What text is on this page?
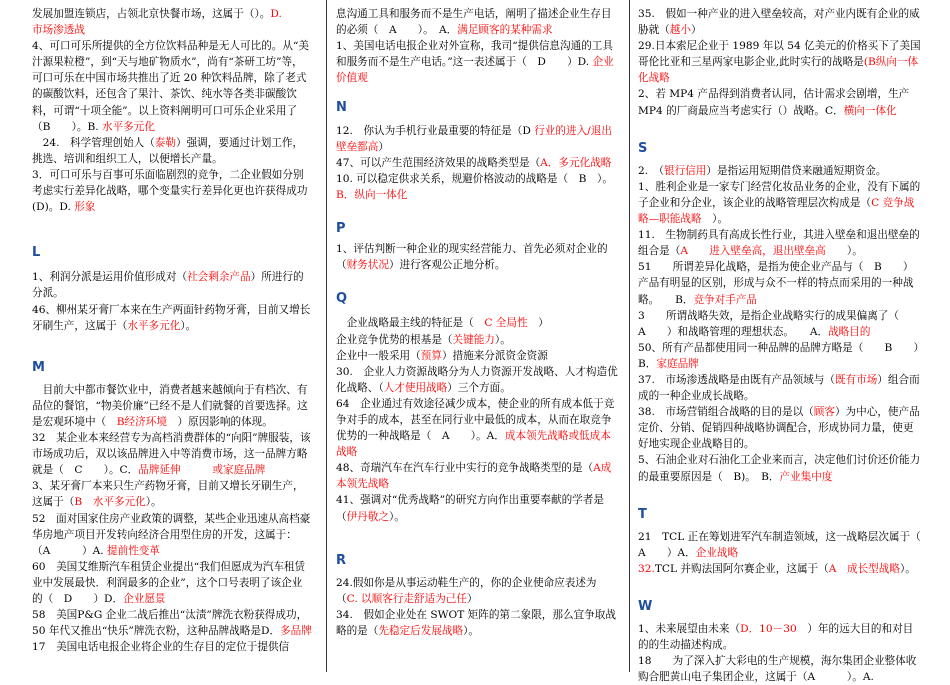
发展加盟连锁店，占领北京快餐市场，这属于（）。D.
市场渗透战
4、可口可乐所提供的全方位饮料品种是无人可比的。从“美汁源果粒橙”，到“天与地矿物质水”，尚有“茶研工坊”等，可口可乐在中国市场共推出了近 20 种饮料品牌，除了老式的碳酸饮料，还包含了果汁、茶饮、纯水等各类非碳酸饮料，可谓“十项全能”。以上资料阐明可口可乐企业采用了（B　　）。B. 水平多元化
　24.　科学管理创始人（泰勒）强调，要通过计划工作，挑选、培训和组织工人，以便增长产量。
3．可口可乐与百事可乐面临剧烈的竞争，二企业假如分别考虑实行差异化战略，哪个变量实行差异化更也许获得成功(D)。D. 形象
L
1、利润分派是运用价值形成对（社会剩余产品）所进行的分派。
46、柳州某牙膏厂本来在生产两面针药物牙膏，目前又增长牙刷生产，这属于（水平多元化）。
M
　目前大中都市餐饮业中，消费者越来越倾向于有档次、有品位的餐馆，“物美价廉”已经不是人们就餐的首要选择。这是宏观环境中（　B经济环境　）原因影响的体现。
32　某企业本来经营专为高档消费群体的“向阳”牌服装，该市场成功后，双以该品牌进入中等消费市场，这一品牌方略就是（　C　　）。C．品牌延伸　　　或家庭品牌
3、某牙膏厂本来只生产药物牙膏，目前又增长牙刷生产，这属于（B　水平多元化）。
52　面对国家住房产业政策的调整，某些企业迅速从高档豪华房地产项目开发转向经济合用型住房的开发，这属于：（A　　　）A. 提前性变革
60　美国艾维斯汽车租赁企业提出“我们但愿成为汽车租赁业中发展最快．利润最多的企业”，这个口号表明了该企业的（　D　　）D．企业愿景
58　美国P&G 企业二战后推出“汰渍”牌洗衣粉获得成功，50 年代又推出“快乐”牌洗衣粉，这种品牌战略是D．多品牌
17　美国电话电报企业将企业的生存目的定位于提供信
息沟通工具和服务而不是生产电话，阐明了描述企业生存目的必须（　A　　）。　A．满足顾客的某种需求
1、美国电话电报企业对外宣称，我司“提供信息沟通的工具和服务而不是生产电话。”这一表述属于（　D　　）D. 企业价值观
N
12.　你认为手机行业最重要的特征是（D 行业的进入/退出壁垒都高）
47、可以产生范围经济效果的战略类型是（A．多元化战略
10. 可以稳定供求关系，规避价格波动的战略是（　B　）。B．纵向一体化
P
1、评估判断一种企业的现实经营能力、首先必须对企业的（财务状况）进行客观公正地分析。
Q
　企业战略最主线的特征是（　C 全局性　）
企业竞争优势的根基是（关键能力）。
企业中一般采用（预算）措施来分派资金资源
30.　企业人力资源战略分为人力资源开发战略、人才构造优化战略、（人才使用战略）三个方面。
64　企业通过有效途径减少成本，使企业的所有成本低于竞争对手的成本，甚至在同行业中最低的成本，从而在取竞争优势的一种战略是（　A　　）。A．成本领先战略或低成本战略
48、奇瑞汽车在汽车行业中实行的竞争战略类型的是（A成本领先战略
41、强调对“优秀战略”的研究方向作出重要奉献的学者是（伊丹敬之）。
R
24.假如你是从事运动鞋生产的，你的企业使命应表述为（C. 以顺客行走舒适为己任）
34.　假如企业处在 SWOT 矩阵的第二象限，那么宜争取战略的是（先稳定后发展战略）。
35.　假如一种产业的进入壁垒较高，对产业内既有企业的威胁就（越小）
29.日本索尼企业于 1989 年以 54 亿美元的价格买下了美国哥伦比亚和三星两家电影企业,此时实行的战略是(B纵向一体化战略
2、若 MP4 产品得到消费者认同，估计需求会剧增，生产MP4 的厂商最应当考虑实行（）战略。C．横向一体化
S
2.　（银行信用）是指运用短期借贷来融通短期资金。
1、胜利企业是一家专门经营化妆品业务的企业，没有下属的子企业和分企业，该企业的战略管理层次构成是（C 竞争战略—职能战略　）。
11.　生物制药具有高成长性行业，其进入壁垒和退出壁垒的组合是（A　　进入壁垒高，退出壁垒高　　）。
51　　所谓差异化战略，是指为使企业产品与（　B　　）产品有明显的区别，形成与众不一样的特点而采用的一种战略。　　B．竞争对手产品
3　　所谓战略失效，是指企业战略实行的成果偏离了（　　A　　）和战略管理的理想状态。　　A．战略目的
50、所有产品都使用同一种品牌的品牌方略是（　　B　　）B．家庭品牌
37.　市场渗透战略是由既有产品领域与（既有市场）组合而成的一种企业成长战略。
38.　市场营销组合战略的目的是以（顾客）为中心，使产品定价、分销、促销四种战略协调配合，形成协同力量，使更好地实现企业战略目的。
5、石油企业对石油化工企业来而言，决定他们讨价还价能力的最重要原因是（　B)。　B．产业集中度
T
21　TCL 正在筹划进军汽车制造领域，这一战略层次属于（　　A　　）A．企业战略
32.TCL 并购法国阿尔赛企业，这属于（A　成长型战略）。
W
1、未来展望由未来（D．10－30　）年的远大目的和对目的的生动描述构成。
18　　为了深入扩大彩电的生产规模，海尔集团企业整体收购合肥黄山电子集团企业，这属于（A　　　）。A.
